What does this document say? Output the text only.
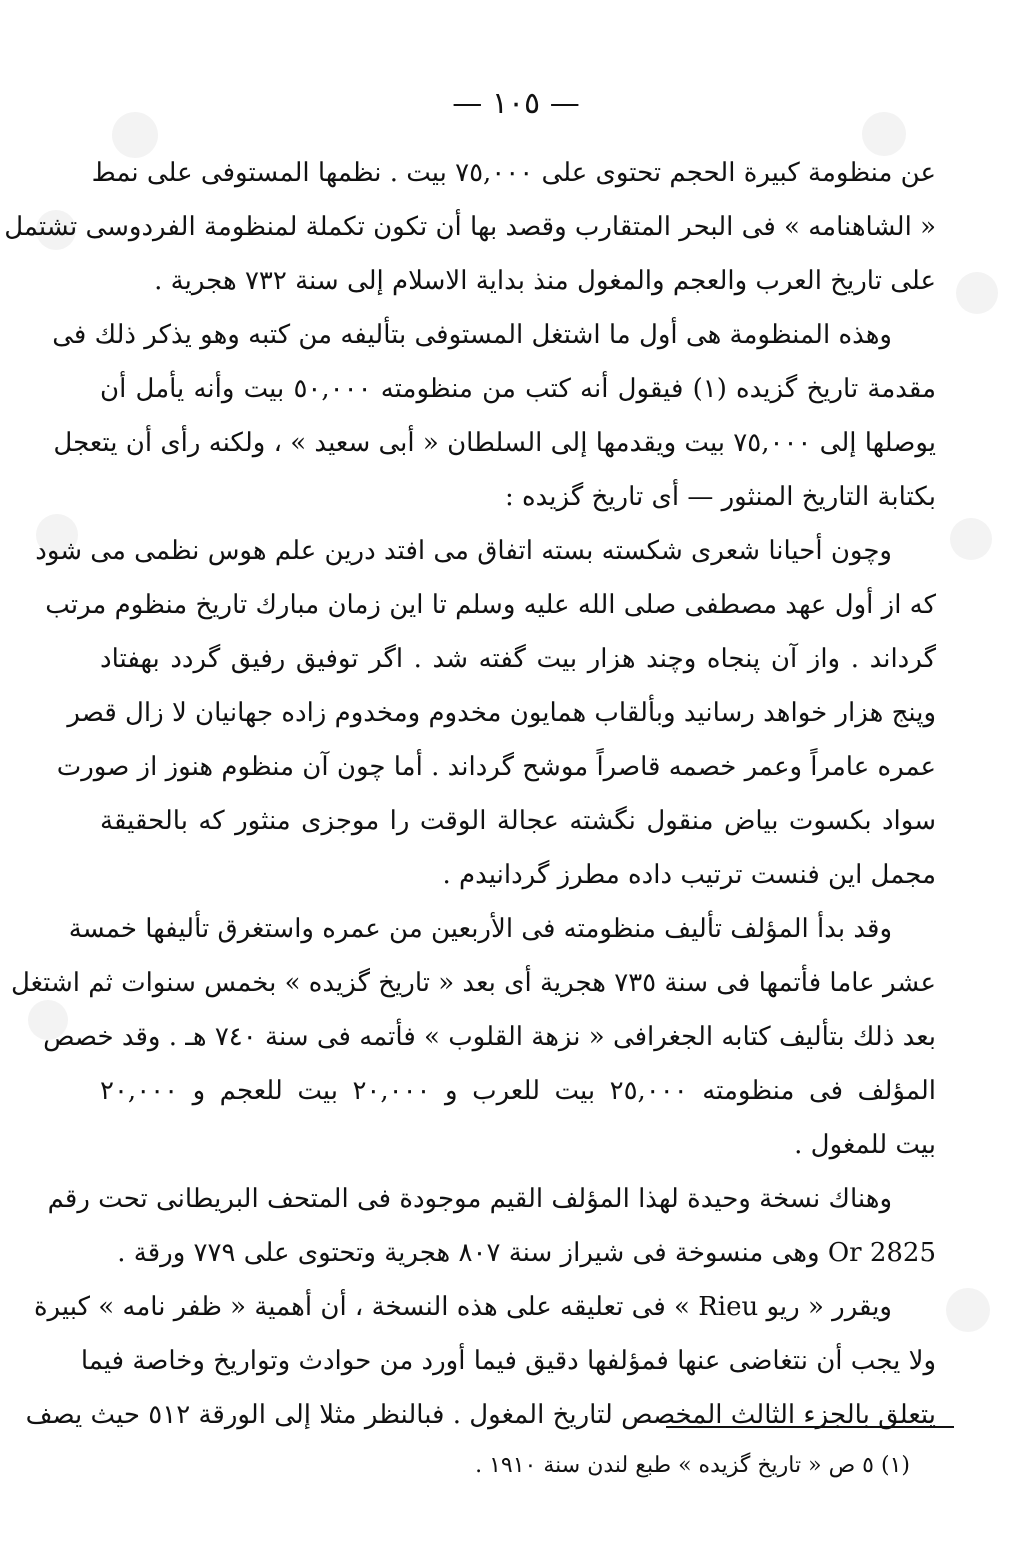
— ١٠٥ —
عن منظومة كبيرة الحجم تحتوى على ٧٥,٠٠٠ بيت . نظمها المستوفى على نمط
« الشاهنامه » فى البحر المتقارب وقصد بها أن تكون تكملة لمنظومة الفردوسى تشتمل
على تاريخ العرب والعجم والمغول منذ بداية الاسلام إلى سنة ٧٣٢ هجرية .
وهذه المنظومة هى أول ما اشتغل المستوفى بتأليفه من كتبه وهو يذكر ذلك فى
مقدمة تاريخ گزيده (١) فيقول أنه كتب من منظومته ٥٠,٠٠٠ بيت وأنه يأمل أن
يوصلها إلى ٧٥,٠٠٠ بيت ويقدمها إلى السلطان « أبى سعيد » ، ولكنه رأى أن يتعجل
بكتابة التاريخ المنثور — أى تاريخ گزيده :
وچون أحيانا شعرى شكسته بسته اتفاق مى افتد درين علم هوس نظمى مى شود
كه از أول عهد مصطفى صلى الله عليه وسلم تا اين زمان مبارك تاريخ منظوم مرتب
گرداند . واز آن پنجاه وچند هزار بيت گفته شد . اگر توفيق رفيق گردد بهفتاد
وپنج هزار خواهد رسانيد وبألقاب همايون مخدوم ومخدوم زاده جهانيان لا زال قصر
عمره عامراً وعمر خصمه قاصراً موشح گرداند . أما چون آن منظوم هنوز از صورت
سواد بكسوت بياض منقول نگشته عجالة الوقت را موجزى منثور كه بالحقيقة
مجمل اين فنست ترتيب داده مطرز گردانيدم .
وقد بدأ المؤلف تأليف منظومته فى الأربعين من عمره واستغرق تأليفها خمسة
عشر عاما فأتمها فى سنة ٧٣٥ هجرية أى بعد « تاريخ گزيده » بخمس سنوات ثم اشتغل
بعد ذلك بتأليف كتابه الجغرافى « نزهة القلوب » فأتمه فى سنة ٧٤٠ هـ . وقد خصص
المؤلف فى منظومته ٢٥,٠٠٠ بيت للعرب و ٢٠,٠٠٠ بيت للعجم و ٢٠,٠٠٠
بيت للمغول .
وهناك نسخة وحيدة لهذا المؤلف القيم موجودة فى المتحف البريطانى تحت رقم
Or 2825 وهى منسوخة فى شيراز سنة ٨٠٧ هجرية وتحتوى على ٧٧٩ ورقة .
ويقرر « ريو Rieu » فى تعليقه على هذه النسخة ، أن أهمية « ظفر نامه » كبيرة
ولا يجب أن نتغاضى عنها فمؤلفها دقيق فيما أورد من حوادث وتواريخ وخاصة فيما
يتعلق بالجزء الثالث المخصص لتاريخ المغول . فبالنظر مثلا إلى الورقة ٥١٢ حيث يصف
(١) ٥ ص « تاريخ گزيده » طبع لندن سنة ١٩١٠ .
